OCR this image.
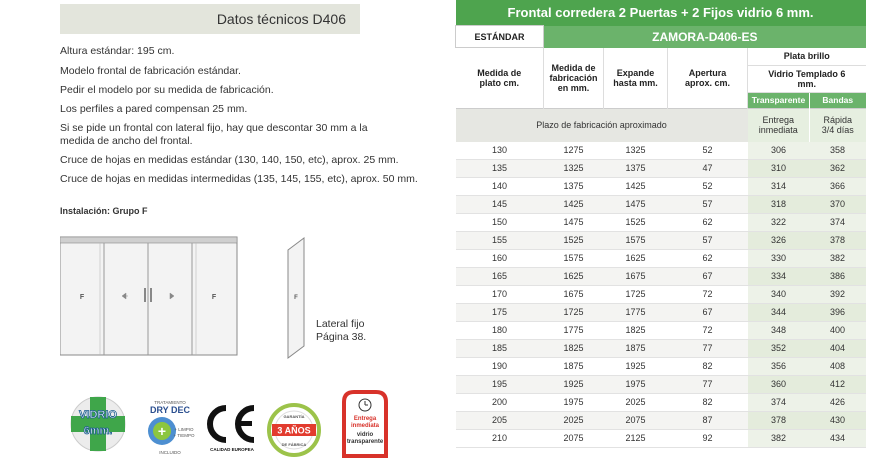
Datos técnicos D406
Altura estándar: 195 cm.
Modelo frontal de fabricación estándar.
Pedir el modelo por su medida de fabricación.
Los perfiles a pared compensan 25 mm.
Si se pide un frontal con lateral fijo, hay que descontar 30 mm a la
medida de ancho del frontal.
Cruce de hojas en medidas estándar (130, 140, 150, etc), aprox. 25 mm.
Cruce de hojas en medidas intermedidas (135, 145, 155, etc), aprox. 50 mm.
Instalación: Grupo F
F	F	F
Lateral fijo
Página 38.
VIDRIO
6mm.
TRATAMIENTO
DRY DEC
+ + LIMPIO
+ TIEMPO
INCLUIDO
CALIDAD EUROPEA
3 AÑOS
GARANTÍA
DE FÁBRICA
Entrega
inmediata
vidrio
transparente
Frontal corredera 2 Puertas + 2 Fijos vidrio 6 mm.					
ESTÁNDAR	ZAMORA-D406-ES				
Medida de plato cm.	Medida de fabricación en mm.	Expande hasta mm.	Apertura aprox. cm.	Plata brillo	
				Vidrio Templado 6 mm.	
				Transparente	Bandas
Plazo de fabricación aproximado				Entrega inmediata	Rápida 3/4 días
130	1275	1325	52	306	358
135	1325	1375	47	310	362
140	1375	1425	52	314	366
145	1425	1475	57	318	370
150	1475	1525	62	322	374
155	1525	1575	57	326	378
160	1575	1625	62	330	382
165	1625	1675	67	334	386
170	1675	1725	72	340	392
175	1725	1775	67	344	396
180	1775	1825	72	348	400
185	1825	1875	77	352	404
190	1875	1925	82	356	408
195	1925	1975	77	360	412
200	1975	2025	82	374	426
205	2025	2075	87	378	430
210	2075	2125	92	382	434
